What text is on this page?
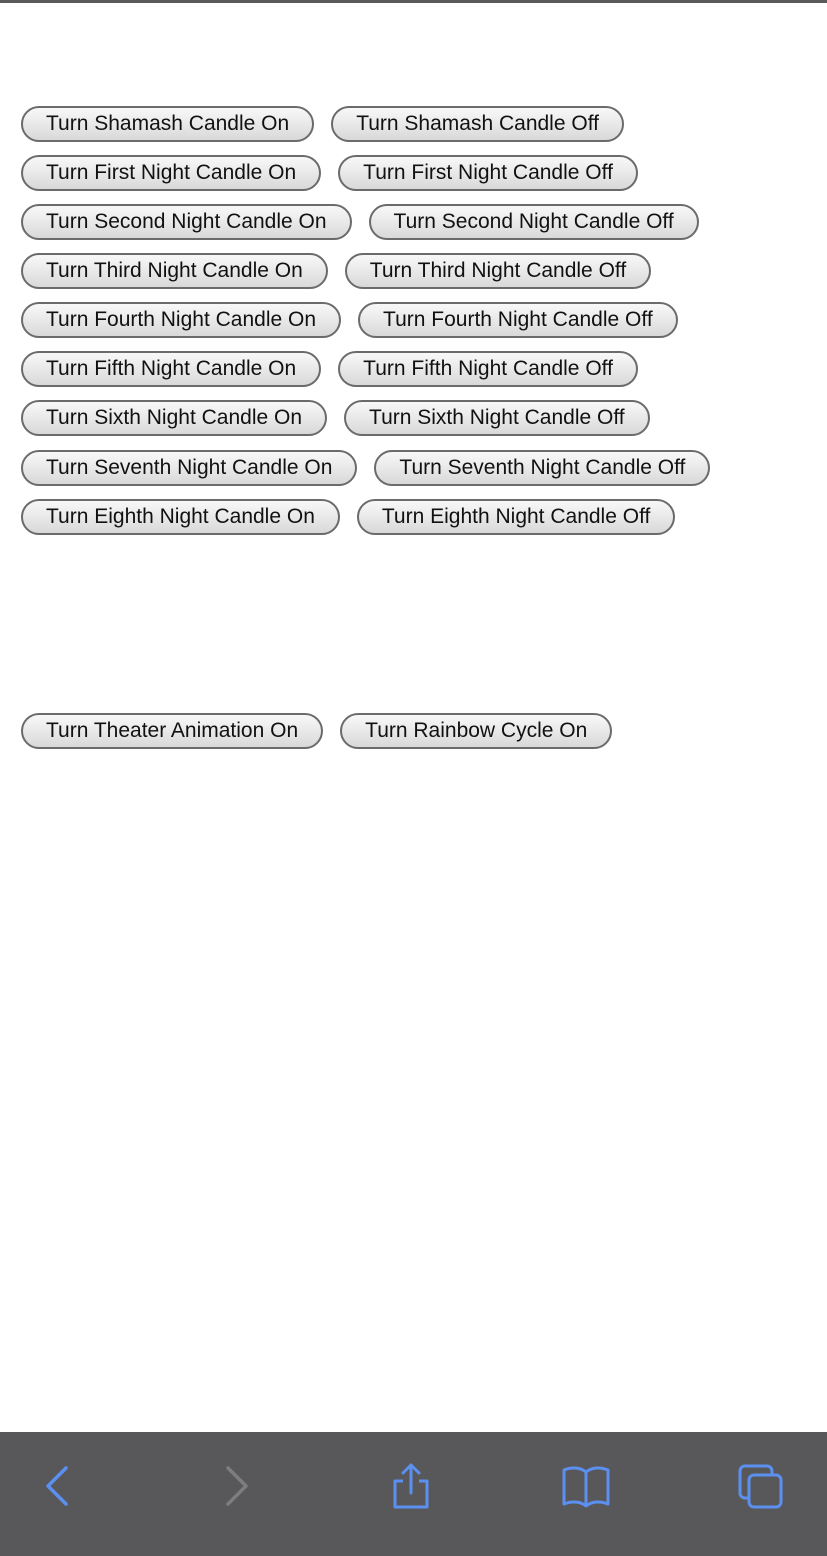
Turn Shamash Candle On	Turn Shamash Candle Off
Turn First Night Candle On	Turn First Night Candle Off
Turn Second Night Candle On	Turn Second Night Candle Off
Turn Third Night Candle On	Turn Third Night Candle Off
Turn Fourth Night Candle On	Turn Fourth Night Candle Off
Turn Fifth Night Candle On	Turn Fifth Night Candle Off
Turn Sixth Night Candle On	Turn Sixth Night Candle Off
Turn Seventh Night Candle On	Turn Seventh Night Candle Off
Turn Eighth Night Candle On	Turn Eighth Night Candle Off
Turn Theater Animation On	Turn Rainbow Cycle On
